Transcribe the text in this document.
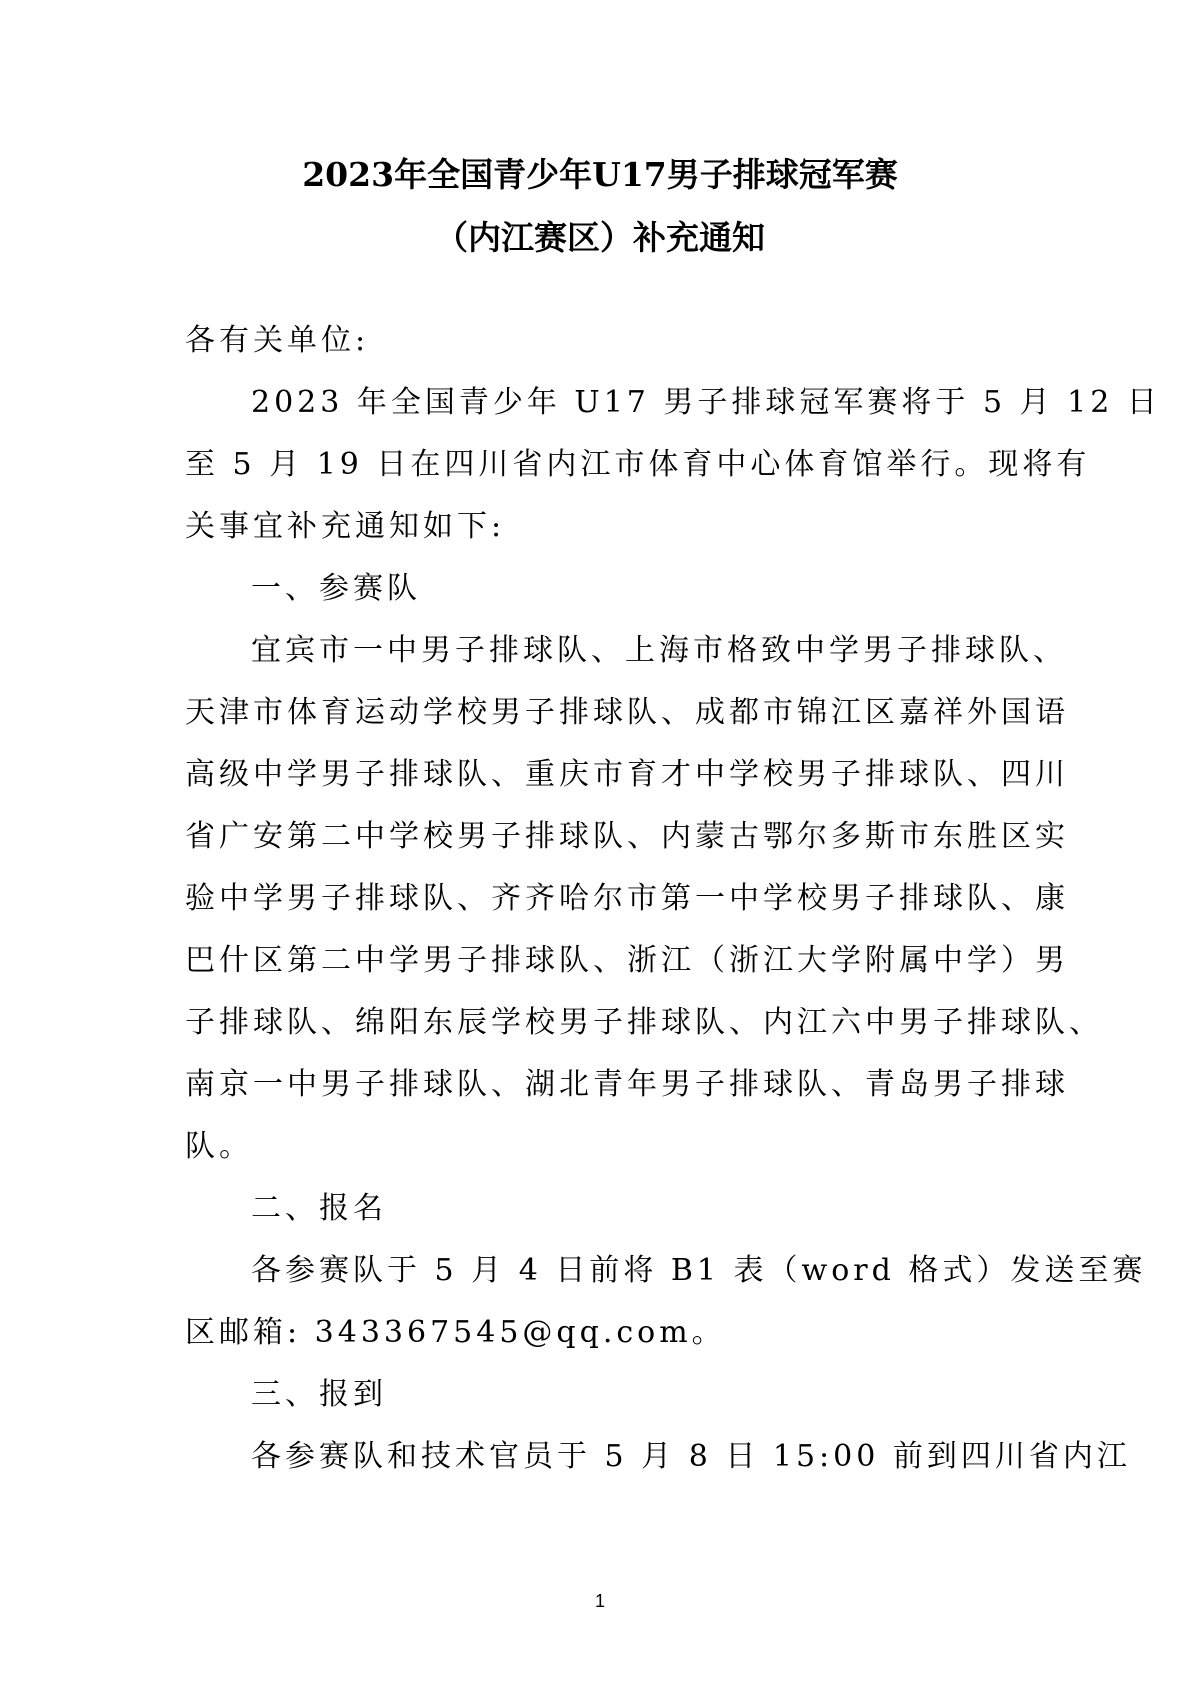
2023年全国青少年U17男子排球冠军赛
（内江赛区）补充通知
各有关单位:
2023 年全国青少年 U17 男子排球冠军赛将于 5 月 12 日
至 5 月 19 日在四川省内江市体育中心体育馆举行。现将有
关事宜补充通知如下:
一、参赛队
宜宾市一中男子排球队、上海市格致中学男子排球队、
天津市体育运动学校男子排球队、成都市锦江区嘉祥外国语
高级中学男子排球队、重庆市育才中学校男子排球队、四川
省广安第二中学校男子排球队、内蒙古鄂尔多斯市东胜区实
验中学男子排球队、齐齐哈尔市第一中学校男子排球队、康
巴什区第二中学男子排球队、浙江（浙江大学附属中学）男
子排球队、绵阳东辰学校男子排球队、内江六中男子排球队、
南京一中男子排球队、湖北青年男子排球队、青岛男子排球
队。
二、报名
各参赛队于 5 月 4 日前将 B1 表（word 格式）发送至赛
区邮箱: 343367545@qq.com。
三、报到
各参赛队和技术官员于 5 月 8 日 15:00 前到四川省内江
1
